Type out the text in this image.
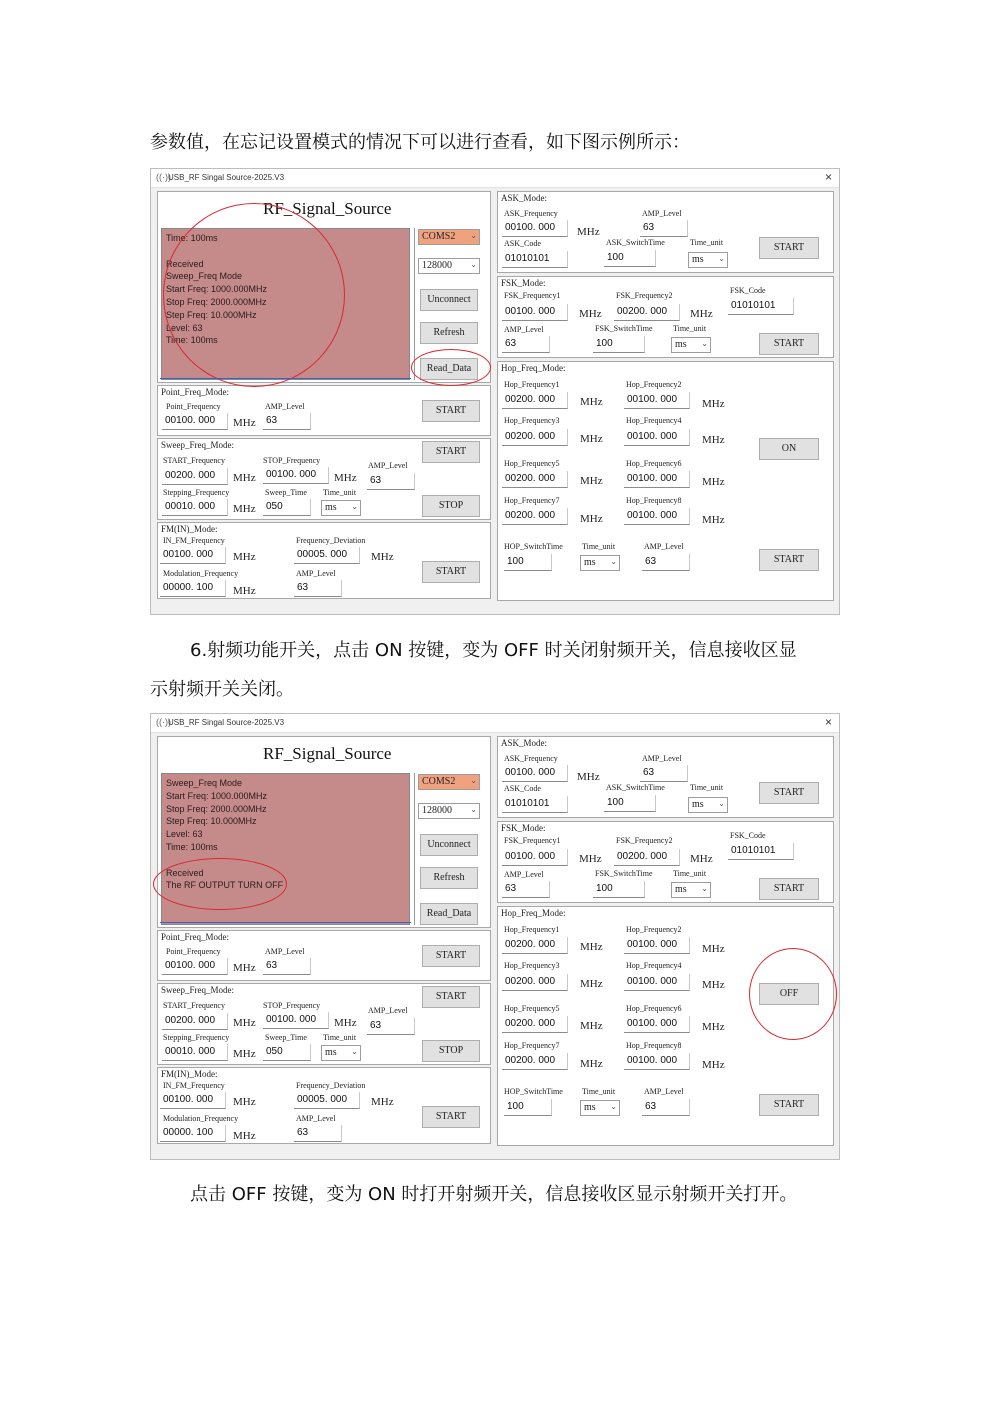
参数值，在忘记设置模式的情况下可以进行查看，如下图示例所示：
((·))
USB_RF Singal Source-2025.V3	×
RF_Signal_Source
Time: 100ms

Received
Sweep_Freq Mode
Start Freq: 1000.000MHz
Stop Freq: 2000.000MHz
Step Freq: 10.000MHz
Level: 63
Time: 100ms
COMS2 ⌄
128000 ⌄
Unconnect
Refresh
Read_Data
Point_Freq_Mode:
Point_Frequency
00100. 000	MHz
AMP_Level
63
START
Sweep_Freq_Mode:
START_Frequency
00200. 000	MHz
STOP_Frequency
00100. 000	MHz
AMP_Level
63
Stepping_Frequency
00010. 000	MHz
Sweep_Time
050
Time_unit
ms ⌄
START
STOP
FM(IN)_Mode:
IN_FM_Frequency
00100. 000	MHz
Frequency_Deviation
00005. 000	MHz
Modulation_Frequency
00000. 100	MHz
AMP_Level
63
START
ASK_Mode:
ASK_Frequency
00100. 000	MHz
AMP_Level
63
ASK_Code
01010101
ASK_SwitchTime
100
Time_unit
ms ⌄
START
FSK_Mode:
FSK_Frequency1
00100. 000	MHz
FSK_Frequency2
00200. 000	MHz
FSK_Code
01010101
AMP_Level
63
FSK_SwitchTime
100
Time_unit
ms ⌄	START
Hop_Freq_Mode:
Hop_Frequency1
00200. 000	MHz
Hop_Frequency2
00100. 000	MHz
Hop_Frequency3
00200. 000	MHz
Hop_Frequency4
00100. 000	MHz
Hop_Frequency5
00200. 000	MHz
Hop_Frequency6
00100. 000	MHz
Hop_Frequency7
00200. 000	MHz
Hop_Frequency8
00100. 000	MHz
ON
HOP_SwitchTime
100
Time_unit
ms ⌄
AMP_Level
63	START
6.射频功能开关，点击 ON 按键，变为 OFF 时关闭射频开关，信息接收区显
示射频开关关闭。
((·))
USB_RF Singal Source-2025.V3	×
RF_Signal_Source
Sweep_Freq Mode
Start Freq: 1000.000MHz
Stop Freq: 2000.000MHz
Step Freq: 10.000MHz
Level: 63
Time: 100ms

Received
The RF OUTPUT TURN OFF
COMS2 ⌄
128000 ⌄
Unconnect
Refresh
Read_Data
Point_Freq_Mode:
Point_Frequency
00100. 000	MHz
AMP_Level
63
START
Sweep_Freq_Mode:
START_Frequency
00200. 000	MHz
STOP_Frequency
00100. 000	MHz
AMP_Level
63
Stepping_Frequency
00010. 000	MHz
Sweep_Time
050
Time_unit
ms ⌄
START
STOP
FM(IN)_Mode:
IN_FM_Frequency
00100. 000	MHz
Frequency_Deviation
00005. 000	MHz
Modulation_Frequency
00000. 100	MHz
AMP_Level
63
START
ASK_Mode:
ASK_Frequency
00100. 000	MHz
AMP_Level
63
ASK_Code
01010101
ASK_SwitchTime
100
Time_unit
ms ⌄
START
FSK_Mode:
FSK_Frequency1
00100. 000	MHz
FSK_Frequency2
00200. 000	MHz
FSK_Code
01010101
AMP_Level
63
FSK_SwitchTime
100
Time_unit
ms ⌄	START
Hop_Freq_Mode:
Hop_Frequency1
00200. 000	MHz
Hop_Frequency2
00100. 000	MHz
Hop_Frequency3
00200. 000	MHz
Hop_Frequency4
00100. 000	MHz
Hop_Frequency5
00200. 000	MHz
Hop_Frequency6
00100. 000	MHz
Hop_Frequency7
00200. 000	MHz
Hop_Frequency8
00100. 000	MHz
OFF
HOP_SwitchTime
100
Time_unit
ms ⌄
AMP_Level
63	START
点击 OFF 按键，变为 ON 时打开射频开关，信息接收区显示射频开关打开。
